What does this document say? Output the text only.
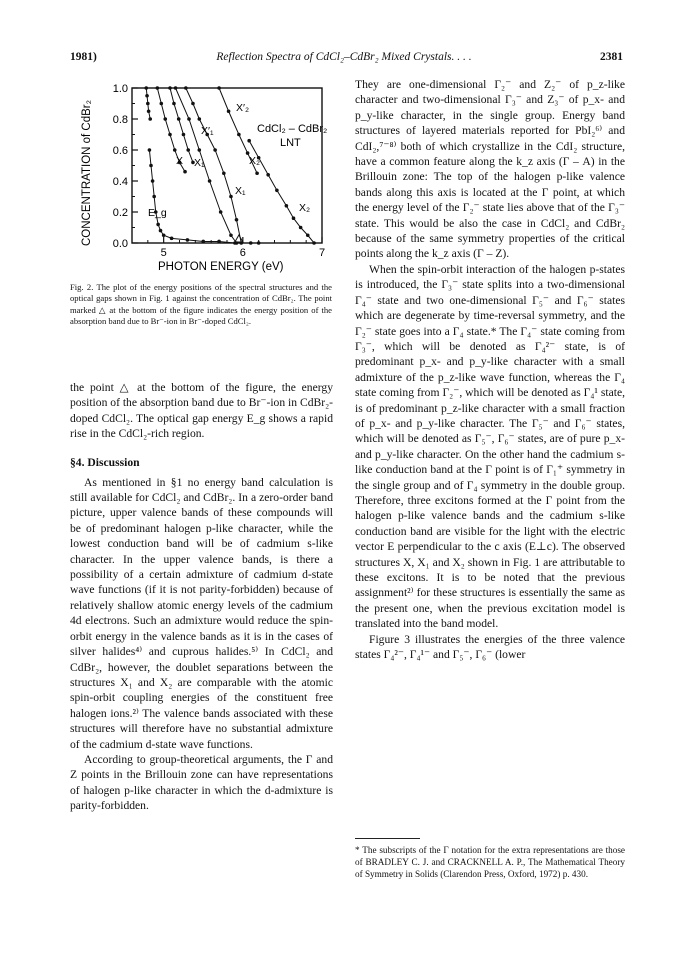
1981)	Reflection Spectra of CdCl₂–CdBr₂ Mixed Crystals. . . .	2381
1.0
0.8
0.6
0.4
0.2
0.0
5	6	7
CONCENTRATION of CdBr₂
PHOTON ENERGY (eV)
CdCl₂ – CdBr₂
LNT
X′₁
X′₂
X X₁	X₂
X₁
X₂
E_g
Fig. 2. The plot of the energy positions of the spectral structures and the optical gaps shown in Fig. 1 against the concentration of CdBr₂. The point marked △ at the bottom of the figure indicates the energy position of the absorption band due to Br⁻-ion in Br⁻-doped CdCl₂.

the point △ at the bottom of the figure, the energy position of the absorption band due to Br⁻-ion in CdBr₂-doped CdCl₂. The optical gap energy E_g shows a rapid rise in the CdCl₂-rich region.

§4. Discussion

As mentioned in §1 no energy band calculation is still available for CdCl₂ and CdBr₂. In a zero-order band picture, upper valence bands of these compounds will be of predominant halogen p-like character, while the lowest conduction band will be of cadmium s-like character. In the upper valence bands, is there a possibility of a certain admixture of cadmium d-state wave functions (if it is not parity-forbidden) because of relatively shallow atomic energy levels of the cadmium 4d electrons. Such an admixture would reduce the spin-orbit energy in the valence bands as it is in the cases of silver halides⁴⁾ and cuprous halides.⁵⁾ In CdCl₂ and CdBr₂, however, the doublet separations between the structures X₁ and X₂ are comparable with the atomic spin-orbit coupling energies of the constituent free halogen ions.²⁾ The valence bands associated with these structures will therefore have no substantial admixture of the cadmium d-state wave functions.

According to group-theoretical arguments, the Γ and Z points in the Brillouin zone can have representations of halogen p-like character in which the d-admixture is parity-forbidden.

They are one-dimensional Γ₂⁻ and Z₂⁻ of p_z-like character and two-dimensional Γ₃⁻ and Z₃⁻ of p_x- and p_y-like character, in the single group. Energy band structures of layered materials reported for PbI₂⁶⁾ and CdI₂,⁷⁻⁸⁾ both of which crystallize in the CdI₂ structure, have a common feature along the k_z axis (Γ – A) in the Brillouin zone: The top of the halogen p-like valence bands along this axis is located at the Γ point, at which the energy level of the Γ₂⁻ state lies above that of the Γ₃⁻ state. This would be also the case in CdCl₂ and CdBr₂ because of the same symmetry properties of the critical points along the k_z axis (Γ – Z).

When the spin-orbit interaction of the halogen p-states is introduced, the Γ₃⁻ state splits into a two-dimensional Γ₄⁻ state and two one-dimensional Γ₅⁻ and Γ₆⁻ states which are degenerate by time-reversal symmetry, and the Γ₂⁻ state goes into a Γ₄ state.* The Γ₄⁻ state coming from Γ₃⁻, which will be denoted as Γ₄²⁻ state, is of predominant p_x- and p_y-like character with a small admixture of the p_z-like wave function, whereas the Γ₄ state coming from Γ₂⁻, which will be denoted as Γ₄¹ state, is of predominant p_z-like character with a small fraction of p_x- and p_y-like character. The Γ₅⁻ and Γ₆⁻ states, which will be denoted as Γ₅⁻, Γ₆⁻ states, are of pure p_x- and p_y-like character. On the other hand the cadmium s-like conduction band at the Γ point is of Γ₁⁺ symmetry in the single group and of Γ₄ symmetry in the double group. Therefore, three excitons formed at the Γ point from the halogen p-like valence bands and the cadmium s-like conduction band are visible for the light with the electric vector E perpendicular to the c axis (E⊥c). The observed structures X, X₁ and X₂ shown in Fig. 1 are attributable to these excitons. It is to be noted that the previous assignment²⁾ for these structures is essentially the same as the present one, when the previous excitation model is translated into the band model.

Figure 3 illustrates the energies of the three valence states Γ₄²⁻, Γ₄¹⁻ and Γ₅⁻, Γ₆⁻ (lower

* The subscripts of the Γ notation for the extra representations are those of BRADLEY C. J. and CRACKNELL A. P., The Mathematical Theory of Symmetry in Solids (Clarendon Press, Oxford, 1972) p. 430.
